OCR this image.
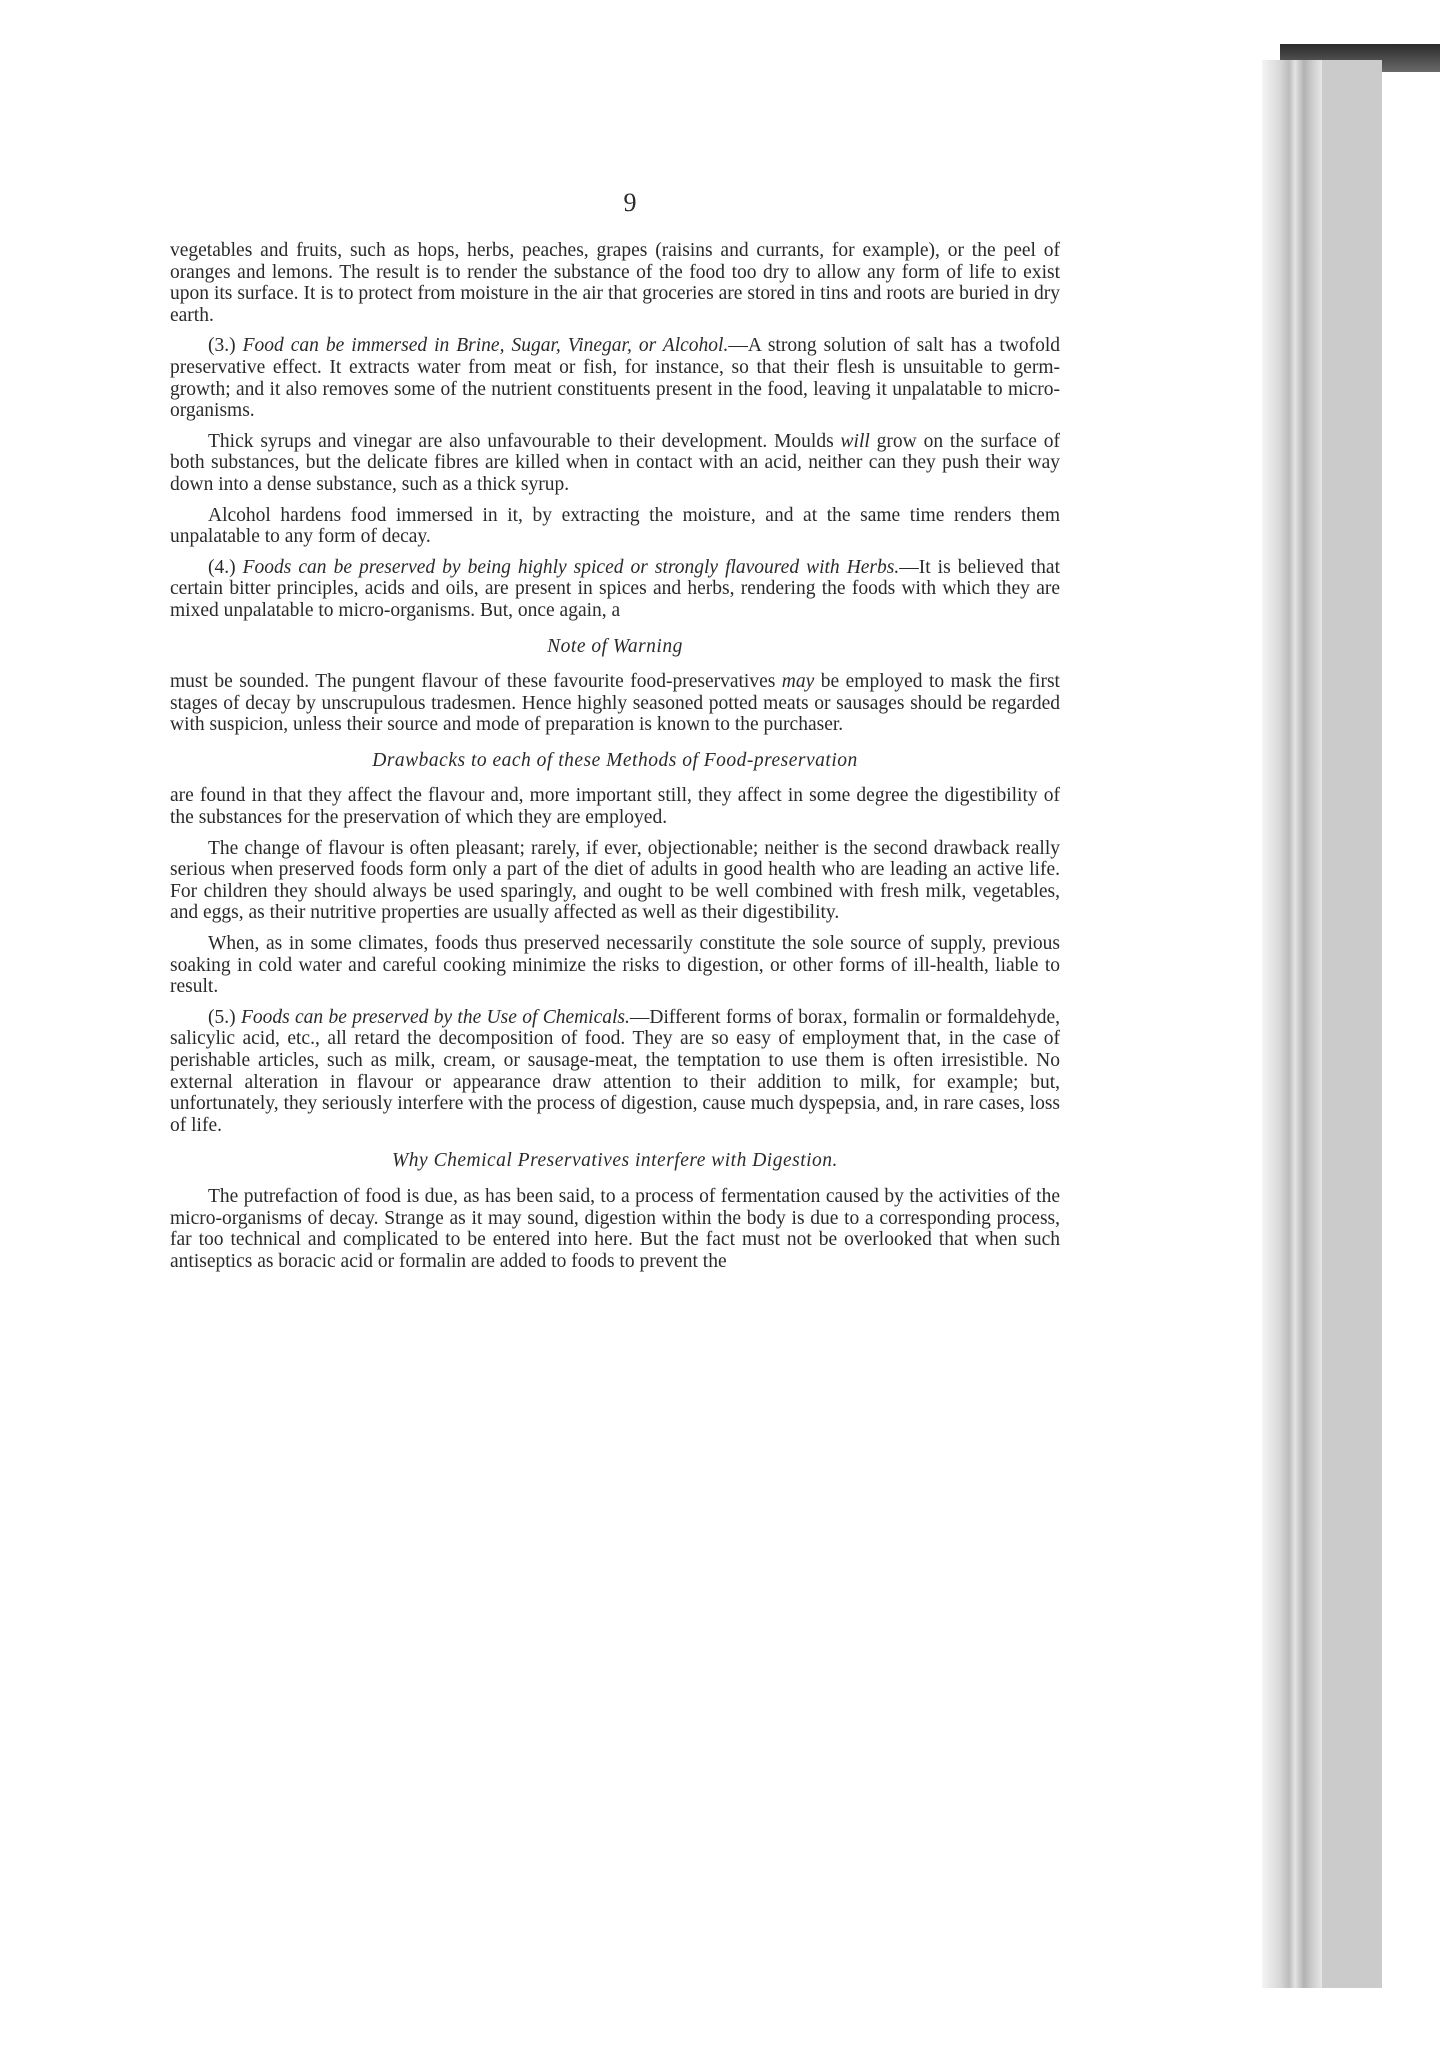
9

vegetables and fruits, such as hops, herbs, peaches, grapes (raisins and currants, for example), or the peel of oranges and lemons. The result is to render the substance of the food too dry to allow any form of life to exist upon its surface. It is to protect from moisture in the air that groceries are stored in tins and roots are buried in dry earth.

(3.) Food can be immersed in Brine, Sugar, Vinegar, or Alcohol.—A strong solution of salt has a twofold preservative effect. It extracts water from meat or fish, for instance, so that their flesh is unsuitable to germ-growth; and it also removes some of the nutrient constituents present in the food, leaving it unpalatable to micro-organisms.

Thick syrups and vinegar are also unfavourable to their development. Moulds will grow on the surface of both substances, but the delicate fibres are killed when in contact with an acid, neither can they push their way down into a dense substance, such as a thick syrup.

Alcohol hardens food immersed in it, by extracting the moisture, and at the same time renders them unpalatable to any form of decay.

(4.) Foods can be preserved by being highly spiced or strongly flavoured with Herbs.—It is believed that certain bitter principles, acids and oils, are present in spices and herbs, rendering the foods with which they are mixed unpalatable to micro-organisms. But, once again, a

Note of Warning

must be sounded. The pungent flavour of these favourite food-preservatives may be employed to mask the first stages of decay by unscrupulous tradesmen. Hence highly seasoned potted meats or sausages should be regarded with suspicion, unless their source and mode of preparation is known to the purchaser.

Drawbacks to each of these Methods of Food-preservation

are found in that they affect the flavour and, more important still, they affect in some degree the digestibility of the substances for the preservation of which they are employed.

The change of flavour is often pleasant; rarely, if ever, objectionable; neither is the second drawback really serious when preserved foods form only a part of the diet of adults in good health who are leading an active life. For children they should always be used sparingly, and ought to be well combined with fresh milk, vegetables, and eggs, as their nutritive properties are usually affected as well as their digestibility.

When, as in some climates, foods thus preserved necessarily constitute the sole source of supply, previous soaking in cold water and careful cooking minimize the risks to digestion, or other forms of ill-health, liable to result.

(5.) Foods can be preserved by the Use of Chemicals.—Different forms of borax, formalin or formaldehyde, salicylic acid, etc., all retard the decomposition of food. They are so easy of employment that, in the case of perishable articles, such as milk, cream, or sausage-meat, the temptation to use them is often irresistible. No external alteration in flavour or appearance draw attention to their addition to milk, for example; but, unfortunately, they seriously interfere with the process of digestion, cause much dyspepsia, and, in rare cases, loss of life.

Why Chemical Preservatives interfere with Digestion.

The putrefaction of food is due, as has been said, to a process of fermentation caused by the activities of the micro-organisms of decay. Strange as it may sound, digestion within the body is due to a corresponding process, far too technical and complicated to be entered into here. But the fact must not be overlooked that when such antiseptics as boracic acid or formalin are added to foods to prevent the
